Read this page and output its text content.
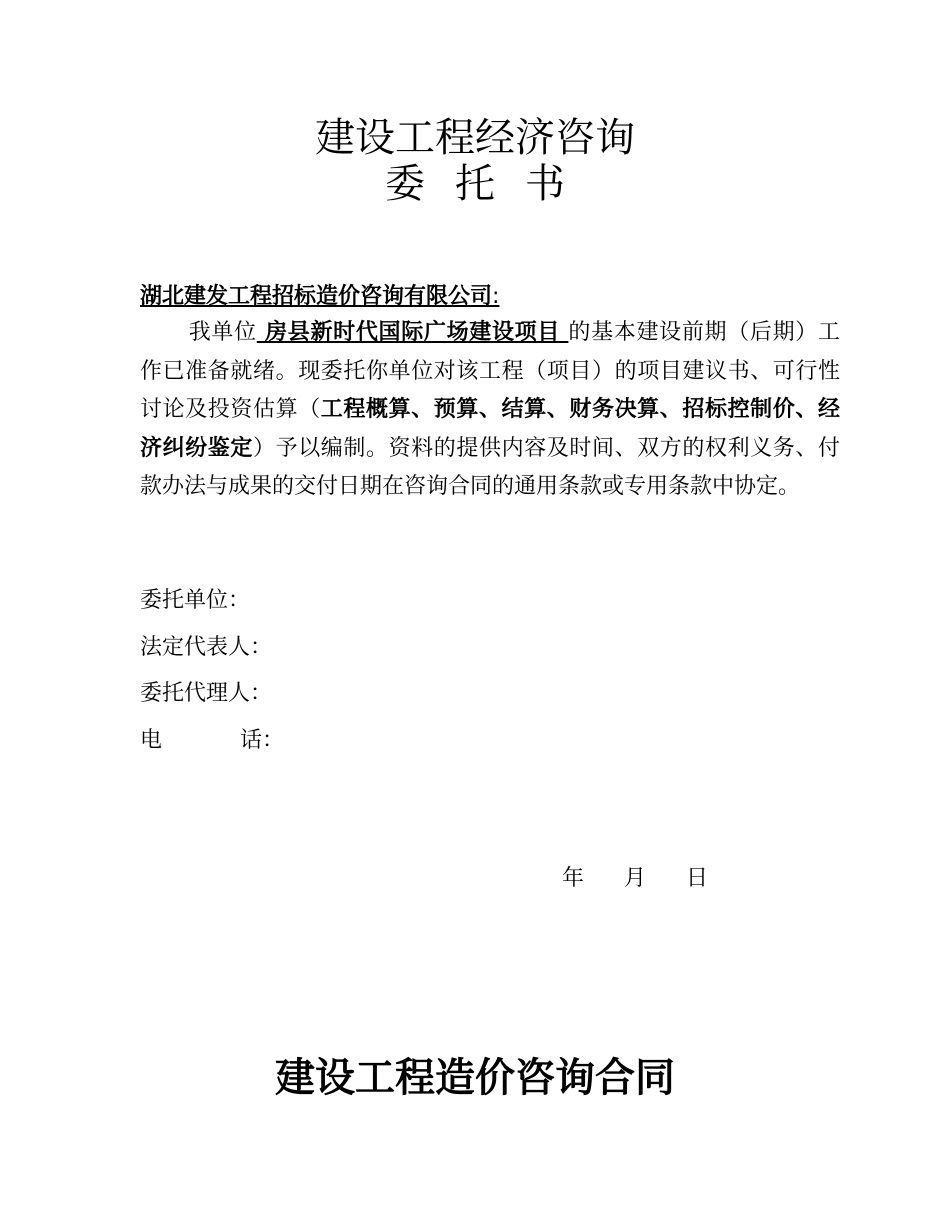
建设工程经济咨询
委托书
湖北建发工程招标造价咨询有限公司:
我单位 房县新时代国际广场建设项目 的基本建设前期（后期）工作已准备就绪。现委托你单位对该工程（项目）的项目建议书、可行性讨论及投资估算（工程概算、预算、结算、财务决算、招标控制价、经济纠纷鉴定）予以编制。资料的提供内容及时间、双方的权利义务、付款办法与成果的交付日期在咨询合同的通用条款或专用条款中协定。
委托单位：
法定代表人：
委托代理人：
电	话：
年 月 日
建设工程造价咨询合同
